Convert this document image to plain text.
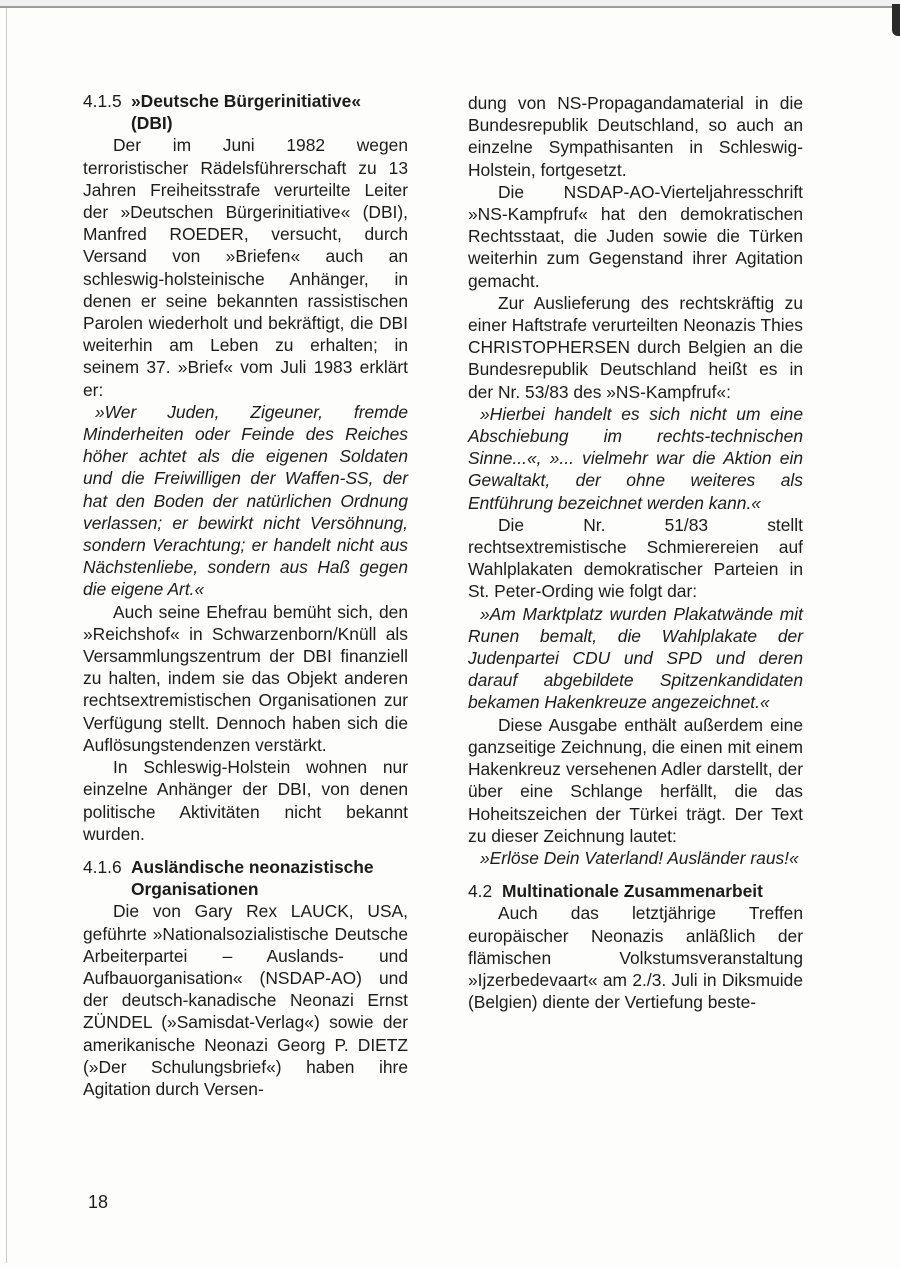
4.1.5 »Deutsche Bürgerinitiative«
(DBI)

Der im Juni 1982 wegen terroristischer Rädelsführerschaft zu 13 Jahren Freiheitsstrafe verurteilte Leiter der »Deutschen Bürgerinitiative« (DBI), Manfred ROEDER, versucht, durch Versand von »Briefen« auch an schleswig-holsteinische Anhänger, in denen er seine bekannten rassistischen Parolen wiederholt und bekräftigt, die DBI weiterhin am Leben zu erhalten; in seinem 37. »Brief« vom Juli 1983 erklärt er:

»Wer Juden, Zigeuner, fremde Minderheiten oder Feinde des Reiches höher achtet als die eigenen Soldaten und die Freiwilligen der Waffen-SS, der hat den Boden der natürlichen Ordnung verlassen; er bewirkt nicht Versöhnung, sondern Verachtung; er handelt nicht aus Nächstenliebe, sondern aus Haß gegen die eigene Art.«

Auch seine Ehefrau bemüht sich, den »Reichshof« in Schwarzenborn/Knüll als Versammlungszentrum der DBI finanziell zu halten, indem sie das Objekt anderen rechtsextremistischen Organisationen zur Verfügung stellt. Dennoch haben sich die Auflösungstendenzen verstärkt.

In Schleswig-Holstein wohnen nur einzelne Anhänger der DBI, von denen politische Aktivitäten nicht bekannt wurden.

4.1.6 Ausländische neonazistische
Organisationen

Die von Gary Rex LAUCK, USA, geführte »Nationalsozialistische Deutsche Arbeiterpartei – Auslands- und Aufbauorganisation« (NSDAP-AO) und der deutsch-kanadische Neonazi Ernst ZÜNDEL (»Samisdat-Verlag«) sowie der amerikanische Neonazi Georg P. DIETZ (»Der Schulungsbrief«) haben ihre Agitation durch Versen-

dung von NS-Propagandamaterial in die Bundesrepublik Deutschland, so auch an einzelne Sympathisanten in Schleswig-Holstein, fortgesetzt.

Die NSDAP-AO-Vierteljahresschrift »NS-Kampfruf« hat den demokratischen Rechtsstaat, die Juden sowie die Türken weiterhin zum Gegenstand ihrer Agitation gemacht.

Zur Auslieferung des rechtskräftig zu einer Haftstrafe verurteilten Neonazis Thies CHRISTOPHERSEN durch Belgien an die Bundesrepublik Deutschland heißt es in der Nr. 53/83 des »NS-Kampfruf«:

»Hierbei handelt es sich nicht um eine Abschiebung im rechts-technischen Sinne...«, »... vielmehr war die Aktion ein Gewaltakt, der ohne weiteres als Entführung bezeichnet werden kann.«

Die Nr. 51/83 stellt rechtsextremistische Schmierereien auf Wahlplakaten demokratischer Parteien in St. Peter-Ording wie folgt dar:

»Am Marktplatz wurden Plakatwände mit Runen bemalt, die Wahlplakate der Judenpartei CDU und SPD und deren darauf abgebildete Spitzenkandidaten bekamen Hakenkreuze angezeichnet.«

Diese Ausgabe enthält außerdem eine ganzseitige Zeichnung, die einen mit einem Hakenkreuz versehenen Adler darstellt, der über eine Schlange herfällt, die das Hoheitszeichen der Türkei trägt. Der Text zu dieser Zeichnung lautet:

»Erlöse Dein Vaterland! Ausländer raus!«

4.2 Multinationale Zusammenarbeit

Auch das letztjährige Treffen europäischer Neonazis anläßlich der flämischen Volkstumsveranstaltung »Ijzerbedevaart« am 2./3. Juli in Diksmuide (Belgien) diente der Vertiefung beste-

18
